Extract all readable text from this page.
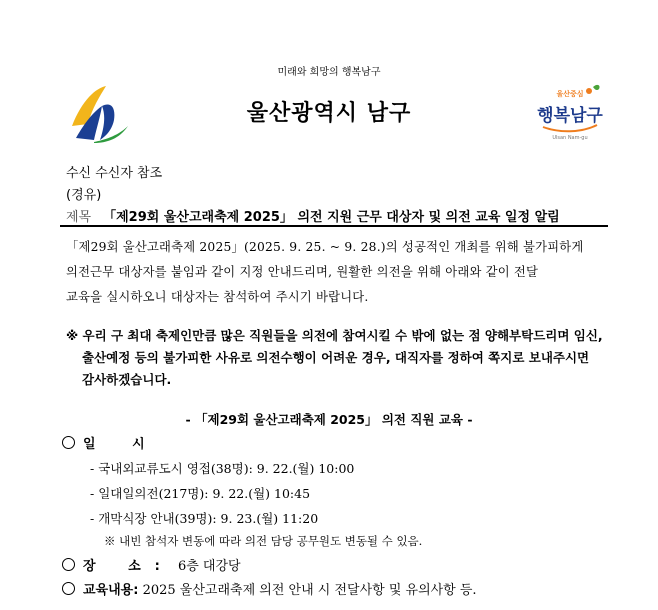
미래와 희망의 행복남구
울산광역시 남구
울산중심
행복남구
Ulsan Nam-gu
수신 수신자 참조
(경유)
제목 「제29회 울산고래축제 2025」 의전 지원 근무 대상자 및 의전 교육 일정 알림
「제29회 울산고래축제 2025」(2025. 9. 25. ~ 9. 28.)의 성공적인 개최를 위해 불가피하게
의전근무 대상자를 붙임과 같이 지정 안내드리며, 원활한 의전을 위해 아래와 같이 전달
교육을 실시하오니 대상자는 참석하여 주시기 바랍니다.
※ 우리 구 최대 축제인만큼 많은 직원들을 의전에 참여시킬 수 밖에 없는 점 양해부탁드리며 임신,
출산예정 등의 불가피한 사유로 의전수행이 어려운 경우, 대직자를 정하여 쪽지로 보내주시면
감사하겠습니다.
- 「제29회 울산고래축제 2025」 의전 직원 교육 -
일 시
- 국내외교류도시 영접(38명): 9. 22.(월) 10:00
- 일대일의전(217명): 9. 22.(월) 10:45
- 개막식장 안내(39명): 9. 23.(월) 11:20
※ 내빈 참석자 변동에 따라 의전 담당 공무원도 변동될 수 있음.
장 소: 6층 대강당
교육내용: 2025 울산고래축제 의전 안내 시 전달사항 및 유의사항 등.
